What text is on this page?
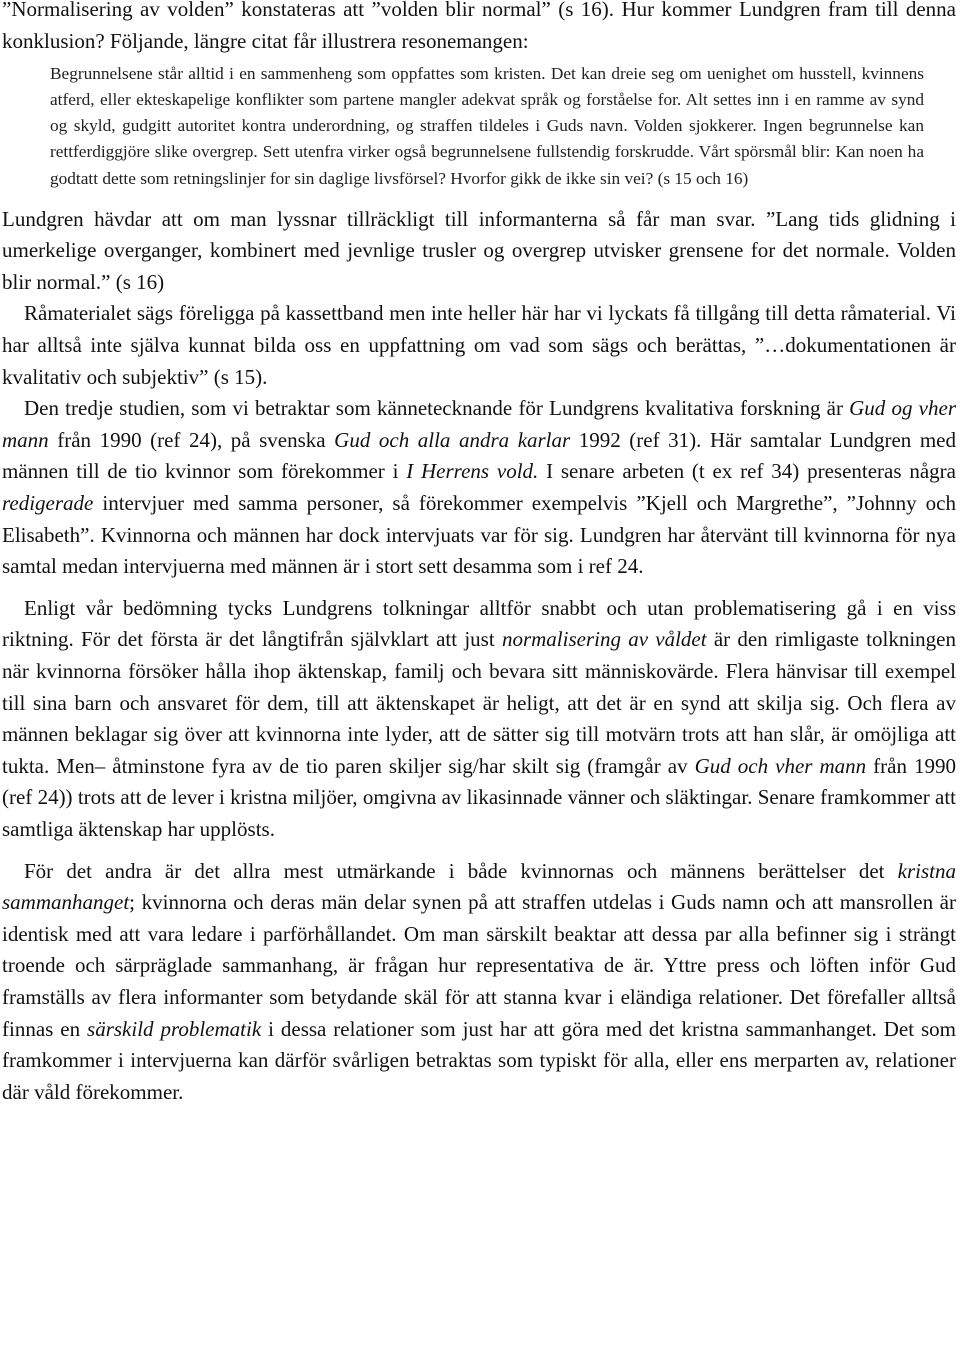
”Normalisering av volden” konstateras att ”volden blir normal” (s 16). Hur kommer Lundgren fram till denna konklusion? Följande, längre citat får illustrera resonemangen:

Begrunnelsene står alltid i en sammenheng som oppfattes som kristen. Det kan dreie seg om uenighet om husstell, kvinnens atferd, eller ekteskapelige konflikter som partene mangler adekvat språk og forståelse for. Alt settes inn i en ramme av synd og skyld, gudgitt autoritet kontra underordning, og straffen tildeles i Guds navn. Volden sjokkerer. Ingen begrunnelse kan rettferdiggjöre slike overgrep. Sett utenfra virker også begrunnelsene fullstendig forskrudde. Vårt spörsmål blir: Kan noen ha godtatt dette som retningslinjer for sin daglige livsförsel? Hvorfor gikk de ikke sin vei? (s 15 och 16)

Lundgren hävdar att om man lyssnar tillräckligt till informanterna så får man svar. ”Lang tids glidning i umerkelige overganger, kombinert med jevnlige trusler og overgrep utvisker grensene for det normale. Volden blir normal.” (s 16)

Råmaterialet sägs föreligga på kassettband men inte heller här har vi lyckats få tillgång till detta råmaterial. Vi har alltså inte själva kunnat bilda oss en uppfattning om vad som sägs och berättas, ”…dokumentationen är kvalitativ och subjektiv” (s 15).

Den tredje studien, som vi betraktar som kännetecknande för Lundgrens kvalitativa forskning är Gud og vher mann från 1990 (ref 24), på svenska Gud och alla andra karlar 1992 (ref 31). Här samtalar Lundgren med männen till de tio kvinnor som förekommer i I Herrens vold. I senare arbeten (t ex ref 34) presenteras några redigerade intervjuer med samma personer, så förekommer exempelvis ”Kjell och Margrethe”, ”Johnny och Elisabeth”. Kvinnorna och männen har dock intervjuats var för sig. Lundgren har återvänt till kvinnorna för nya samtal medan intervjuerna med männen är i stort sett desamma som i ref 24.

Enligt vår bedömning tycks Lundgrens tolkningar alltför snabbt och utan problematisering gå i en viss riktning. För det första är det långtifrån självklart att just normalisering av våldet är den rimligaste tolkningen när kvinnorna försöker hålla ihop äktenskap, familj och bevara sitt människovärde. Flera hänvisar till exempel till sina barn och ansvaret för dem, till att äktenskapet är heligt, att det är en synd att skilja sig. Och flera av männen beklagar sig över att kvinnorna inte lyder, att de sätter sig till motvärn trots att han slår, är omöjliga att tukta. Men– åtminstone fyra av de tio paren skiljer sig/har skilt sig (framgår av Gud och vher mann från 1990 (ref 24)) trots att de lever i kristna miljöer, omgivna av likasinnade vänner och släktingar. Senare framkommer att samtliga äktenskap har upplösts.

För det andra är det allra mest utmärkande i både kvinnornas och männens berättelser det kristna sammanhanget; kvinnorna och deras män delar synen på att straffen utdelas i Guds namn och att mansrollen är identisk med att vara ledare i parförhållandet. Om man särskilt beaktar att dessa par alla befinner sig i strängt troende och särpräglade sammanhang, är frågan hur representativa de är. Yttre press och löften inför Gud framställs av flera informanter som betydande skäl för att stanna kvar i eländiga relationer. Det förefaller alltså finnas en särskild problematik i dessa relationer som just har att göra med det kristna sammanhanget. Det som framkommer i intervjuerna kan därför svårligen betraktas som typiskt för alla, eller ens merparten av, relationer där våld förekommer.
